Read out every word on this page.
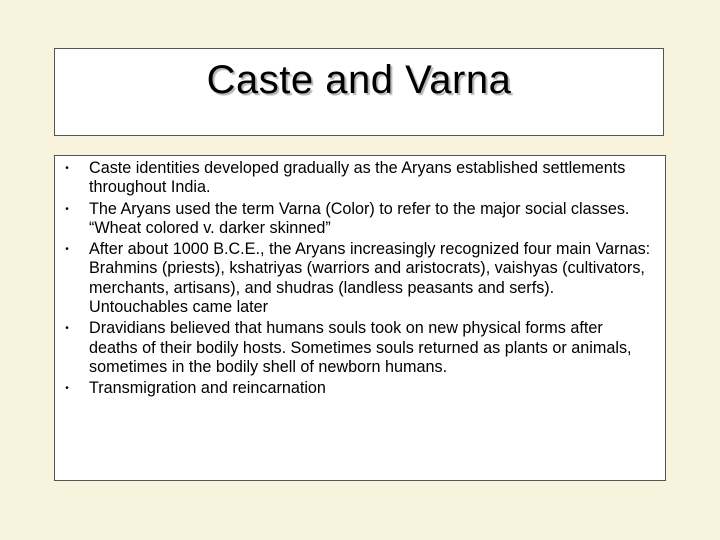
Caste and Varna
• Caste identities developed gradually as the Aryans established settlements throughout India.
• The Aryans used the term Varna (Color) to refer to the major social classes. “Wheat colored v. darker skinned”
• After about 1000 B.C.E., the Aryans increasingly recognized four main Varnas: Brahmins (priests), kshatriyas (warriors and aristocrats), vaishyas (cultivators, merchants, artisans), and shudras (landless peasants and serfs). Untouchables came later
• Dravidians believed that humans souls took on new physical forms after deaths of their bodily hosts. Sometimes souls returned as plants or animals, sometimes in the bodily shell of newborn humans.
• Transmigration and reincarnation
